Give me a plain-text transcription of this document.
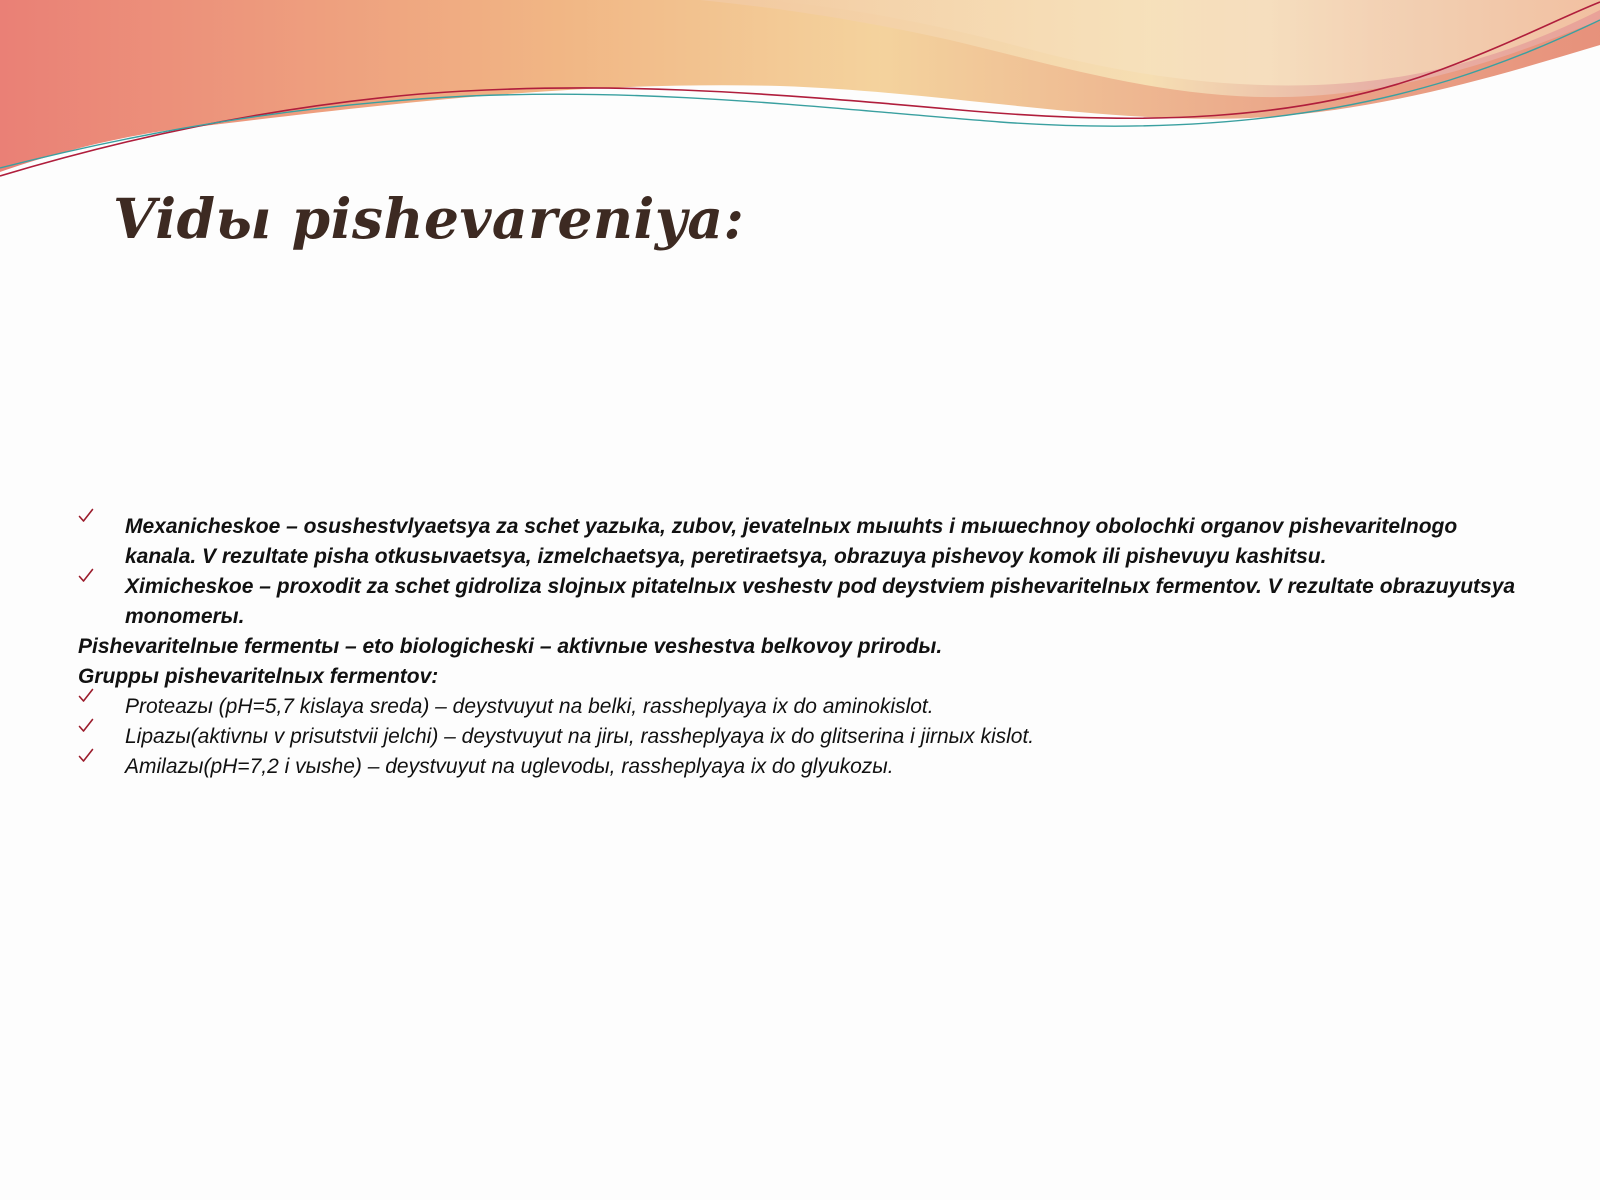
Vidы pishevareniya:
Mexanicheskoe – osushestvlyaetsya za schet yazыka, zubov, jevatelnых mышhts i mышechnoy obolochki organov pishevaritelnogo kanala. V rezultate pisha otkusыvaetsya, izmelchaetsya, peretiraetsya, obrazuya pishevoy komok ili pishevuyu kashitsu.
Ximicheskoe – proxodit za schet gidroliza slojnых pitatelnых veshestv pod deystviem pishevaritelnых fermentov. V rezultate obrazuyutsya monomerы.
Pishevaritelnыe fermentы – eto biologicheski – aktivnыe veshestva belkovoy prirodы.
Gruppы pishevaritelnых fermentov:
Proteazы (pH=5,7 kislaya sreda) – deystvuyut na belki, rassheplyaya ix do aminokislot.
Lipazы(aktivnы v prisutstvii jelchi) – deystvuyut na jirы, rassheplyaya ix do glitserina i jirnых kislot.
Amilazы(pH=7,2 i vыshe) – deystvuyut na uglevodы, rassheplyaya ix do glyukozы.
